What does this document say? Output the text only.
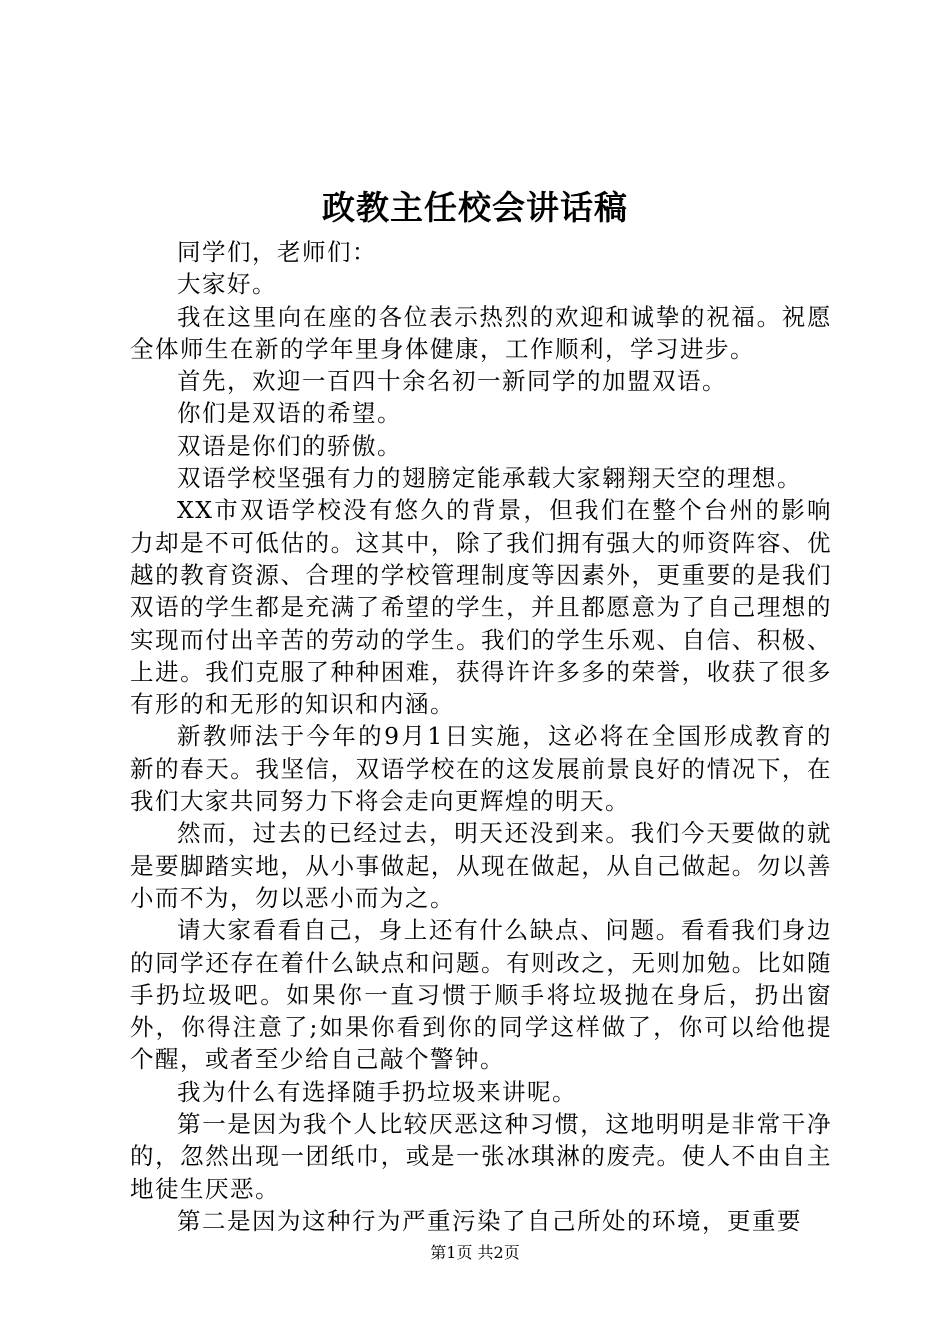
政教主任校会讲话稿

同学们，老师们：

大家好。

我在这里向在座的各位表示热烈的欢迎和诚挚的祝福。祝愿全体师生在新的学年里身体健康，工作顺利，学习进步。

首先，欢迎一百四十余名初一新同学的加盟双语。

你们是双语的希望。

双语是你们的骄傲。

双语学校坚强有力的翅膀定能承载大家翱翔天空的理想。

XX市双语学校没有悠久的背景，但我们在整个台州的影响力却是不可低估的。这其中，除了我们拥有强大的师资阵容、优越的教育资源、合理的学校管理制度等因素外，更重要的是我们双语的学生都是充满了希望的学生，并且都愿意为了自己理想的实现而付出辛苦的劳动的学生。我们的学生乐观、自信、积极、上进。我们克服了种种困难，获得许许多多的荣誉，收获了很多有形的和无形的知识和内涵。

新教师法于今年的9月1日实施，这必将在全国形成教育的新的春天。我坚信，双语学校在的这发展前景良好的情况下，在我们大家共同努力下将会走向更辉煌的明天。

然而，过去的已经过去，明天还没到来。我们今天要做的就是要脚踏实地，从小事做起，从现在做起，从自己做起。勿以善小而不为，勿以恶小而为之。

请大家看看自己，身上还有什么缺点、问题。看看我们身边的同学还存在着什么缺点和问题。有则改之，无则加勉。比如随手扔垃圾吧。如果你一直习惯于顺手将垃圾抛在身后，扔出窗外，你得注意了;如果你看到你的同学这样做了，你可以给他提个醒，或者至少给自己敲个警钟。

我为什么有选择随手扔垃圾来讲呢。

第一是因为我个人比较厌恶这种习惯，这地明明是非常干净的，忽然出现一团纸巾，或是一张冰琪淋的废壳。使人不由自主地徒生厌恶。

第二是因为这种行为严重污染了自己所处的环境，更重要

第1页 共2页
